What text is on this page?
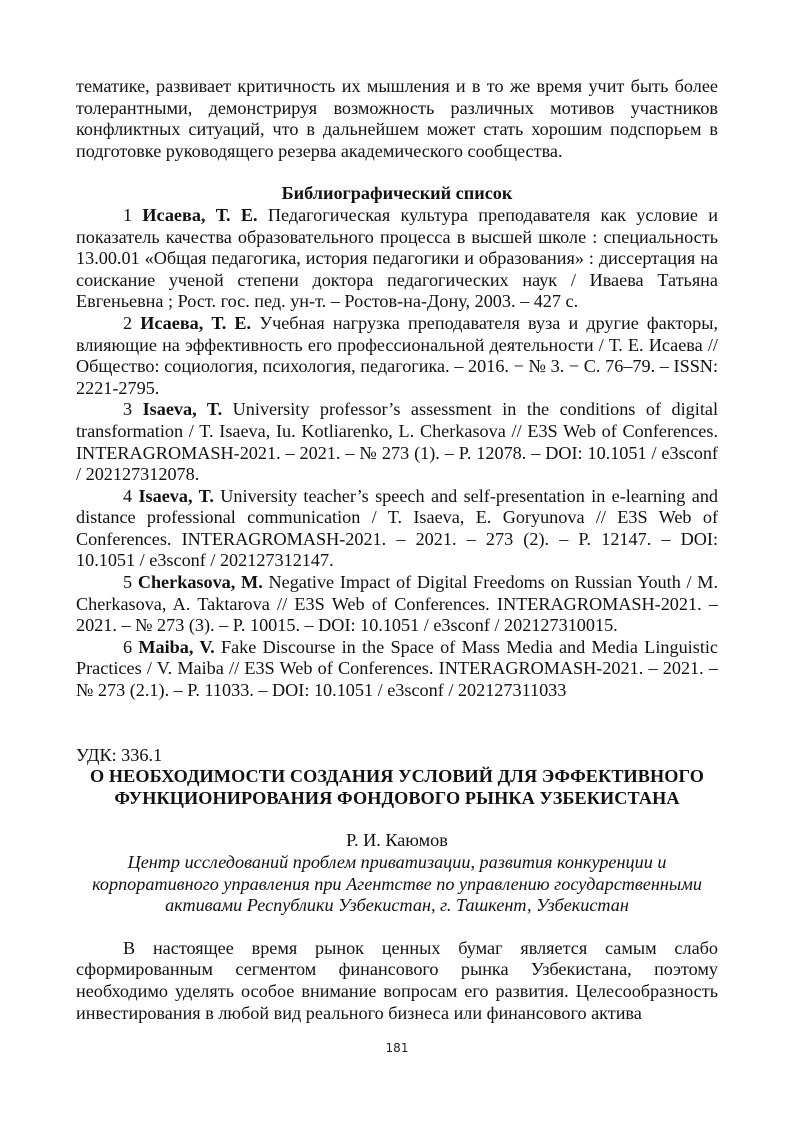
тематике, развивает критичность их мышления и в то же время учит быть более толерантными, демонстрируя возможность различных мотивов участников конфликтных ситуаций, что в дальнейшем может стать хорошим подспорьем в подготовке руководящего резерва академического сообщества.

Библиографический список

1 Исаева, Т. Е. Педагогическая культура преподавателя как условие и показатель качества образовательного процесса в высшей школе : специальность 13.00.01 «Общая педагогика, история педагогики и образования» : диссертация на соискание ученой степени доктора педагогических наук / Иваева Татьяна Евгеньевна ; Рост. гос. пед. ун-т. – Ростов-на-Дону, 2003. – 427 с.

2 Исаева, Т. Е. Учебная нагрузка преподавателя вуза и другие факторы, влияющие на эффективность его профессиональной деятельности / Т. Е. Исаева // Общество: социология, психология, педагогика. – 2016. − № 3. − С. 76–79. – ISSN: 2221-2795.

3 Isaeva, T. University professor’s assessment in the conditions of digital transformation / T. Isaeva, Iu. Kotliarenko, L. Cherkasova // E3S Web of Conferences. INTERAGROMASH-2021. – 2021. – № 273 (1). – P. 12078. – DOI: 10.1051 / e3sconf / 202127312078.

4 Isaeva, T. University teacher’s speech and self-presentation in e-learning and distance professional communication / T. Isaeva, E. Goryunova // E3S Web of Conferences. INTERAGROMASH-2021. – 2021. – 273 (2). – P. 12147. – DOI: 10.1051 / e3sconf / 202127312147.

5 Cherkasova, M. Negative Impact of Digital Freedoms on Russian Youth / M. Cherkasova, A. Taktarova // E3S Web of Conferences. INTERAGROMASH-2021. – 2021. – № 273 (3). – P. 10015. – DOI: 10.1051 / e3sconf / 202127310015.

6 Maiba, V. Fake Discourse in the Space of Mass Media and Media Linguistic Practices / V. Maiba // E3S Web of Conferences. INTERAGROMASH-2021. – 2021. – № 273 (2.1). – P. 11033. – DOI: 10.1051 / e3sconf / 202127311033

УДК: 336.1
О НЕОБХОДИМОСТИ СОЗДАНИЯ УСЛОВИЙ ДЛЯ ЭФФЕКТИВНОГО
ФУНКЦИОНИРОВАНИЯ ФОНДОВОГО РЫНКА УЗБЕКИСТАНА
Р. И. Каюмов
Центр исследований проблем приватизации, развития конкуренции и
корпоративного управления при Агентстве по управлению государственными
активами Республики Узбекистан, г. Ташкент, Узбекистан

В настоящее время рынок ценных бумаг является самым слабо сформированным сегментом финансового рынка Узбекистана, поэтому необходимо уделять особое внимание вопросам его развития. Целесообразность инвестирования в любой вид реального бизнеса или финансового актива

181
